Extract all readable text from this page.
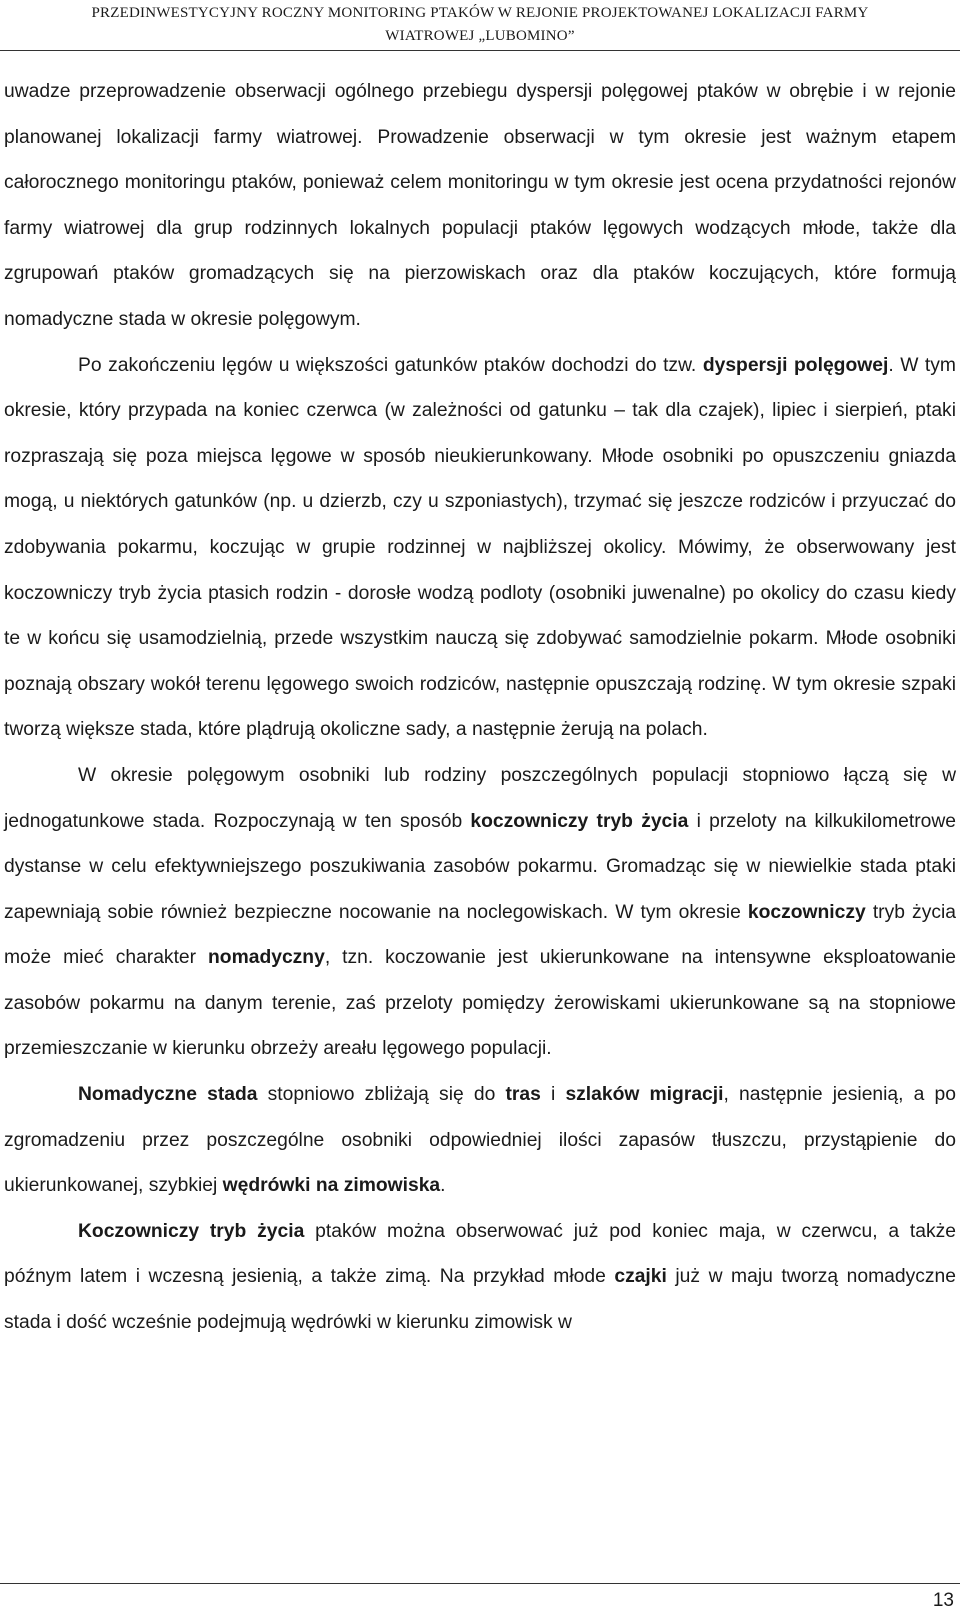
PRZEDINWESTYCYJNY ROCZNY MONITORING PTAKÓW W REJONIE PROJEKTOWANEJ LOKALIZACJI FARMY
WIATROWEJ „LUBOMINO”

uwadze przeprowadzenie obserwacji ogólnego przebiegu dyspersji polęgowej ptaków w obrębie i w rejonie planowanej lokalizacji farmy wiatrowej. Prowadzenie obserwacji w tym okresie jest ważnym etapem całorocznego monitoringu ptaków, ponieważ celem monitoringu w tym okresie jest ocena przydatności rejonów farmy wiatrowej dla grup rodzinnych lokalnych populacji ptaków lęgowych wodzących młode, także dla zgrupowań ptaków gromadzących się na pierzowiskach oraz dla ptaków koczujących, które formują nomadyczne stada w okresie polęgowym.

Po zakończeniu lęgów u większości gatunków ptaków dochodzi do tzw. dyspersji polęgowej. W tym okresie, który przypada na koniec czerwca (w zależności od gatunku – tak dla czajek), lipiec i sierpień, ptaki rozpraszają się poza miejsca lęgowe w sposób nieukierunkowany. Młode osobniki po opuszczeniu gniazda mogą, u niektórych gatunków (np. u dzierzb, czy u szponiastych), trzymać się jeszcze rodziców i przyuczać do zdobywania pokarmu, koczując w grupie rodzinnej w najbliższej okolicy. Mówimy, że obserwowany jest koczowniczy tryb życia ptasich rodzin - dorosłe wodzą podloty (osobniki juwenalne) po okolicy do czasu kiedy te w końcu się usamodzielnią, przede wszystkim nauczą się zdobywać samodzielnie pokarm. Młode osobniki poznają obszary wokół terenu lęgowego swoich rodziców, następnie opuszczają rodzinę. W tym okresie szpaki tworzą większe stada, które plądrują okoliczne sady, a następnie żerują na polach.

W okresie polęgowym osobniki lub rodziny poszczególnych populacji stopniowo łączą się w jednogatunkowe stada. Rozpoczynają w ten sposób koczowniczy tryb życia i przeloty na kilkukilometrowe dystanse w celu efektywniejszego poszukiwania zasobów pokarmu. Gromadząc się w niewielkie stada ptaki zapewniają sobie również bezpieczne nocowanie na noclegowiskach. W tym okresie koczowniczy tryb życia może mieć charakter nomadyczny, tzn. koczowanie jest ukierunkowane na intensywne eksploatowanie zasobów pokarmu na danym terenie, zaś przeloty pomiędzy żerowiskami ukierunkowane są na stopniowe przemieszczanie w kierunku obrzeży areału lęgowego populacji.

Nomadyczne stada stopniowo zbliżają się do tras i szlaków migracji, następnie jesienią, a po zgromadzeniu przez poszczególne osobniki odpowiedniej ilości zapasów tłuszczu, przystąpienie do ukierunkowanej, szybkiej wędrówki na zimowiska.

Koczowniczy tryb życia ptaków można obserwować już pod koniec maja, w czerwcu, a także późnym latem i wczesną jesienią, a także zimą. Na przykład młode czajki już w maju tworzą nomadyczne stada i dość wcześnie podejmują wędrówki w kierunku zimowisk w

13
